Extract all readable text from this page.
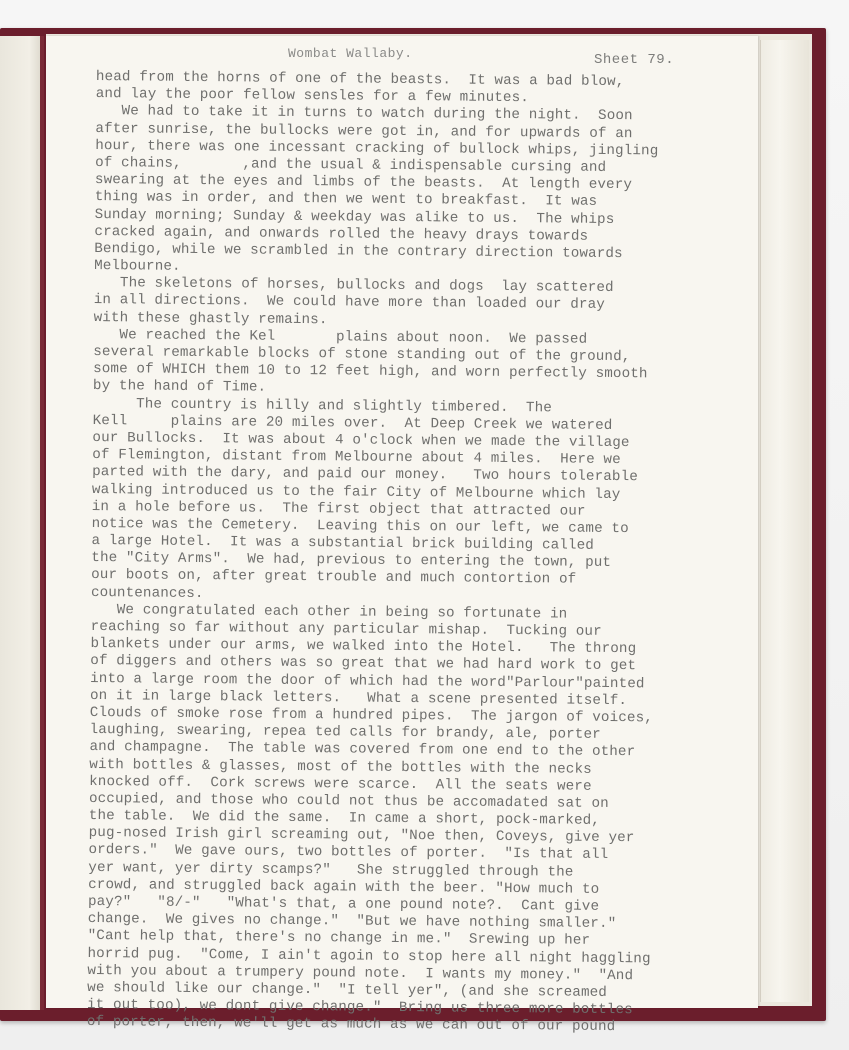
Wombat Wallaby.	Sheet 79.
head from the horns of one of the beasts.  It was a bad blow,
and lay the poor fellow sensles for a few minutes.
We had to take it in turns to watch during the night.  Soon
after sunrise, the bullocks were got in, and for upwards of an
hour, there was one incessant cracking of bullock whips, jingling
of chains,       ,and the usual & indispensable cursing and
swearing at the eyes and limbs of the beasts.  At length every
thing was in order, and then we went to breakfast.  It was
Sunday morning; Sunday & weekday was alike to us.  The whips
cracked again, and onwards rolled the heavy drays towards
Bendigo, while we scrambled in the contrary direction towards
Melbourne.
The skeletons of horses, bullocks and dogs  lay scattered
in all directions.  We could have more than loaded our dray
with these ghastly remains.
We reached the Kel       plains about noon.  We passed
several remarkable blocks of stone standing out of the ground,
some of WHICH them 10 to 12 feet high, and worn perfectly smooth
by the hand of Time.
The country is hilly and slightly timbered.  The
Kell     plains are 20 miles over.  At Deep Creek we watered
our Bullocks.  It was about 4 o'clock when we made the village
of Flemington, distant from Melbourne about 4 miles.  Here we
parted with the dary, and paid our money.   Two hours tolerable
walking introduced us to the fair City of Melbourne which lay
in a hole before us.  The first object that attracted our
notice was the Cemetery.  Leaving this on our left, we came to
a large Hotel.  It was a substantial brick building called
the "City Arms".  We had, previous to entering the town, put
our boots on, after great trouble and much contortion of
countenances.
We congratulated each other in being so fortunate in
reaching so far without any particular mishap.  Tucking our
blankets under our arms, we walked into the Hotel.   The throng
of diggers and others was so great that we had hard work to get
into a large room the door of which had the word"Parlour"painted
on it in large black letters.   What a scene presented itself.
Clouds of smoke rose from a hundred pipes.  The jargon of voices,
laughing, swearing, repea ted calls for brandy, ale, porter
and champagne.  The table was covered from one end to the other
with bottles & glasses, most of the bottles with the necks
knocked off.  Cork screws were scarce.  All the seats were
occupied, and those who could not thus be accomadated sat on
the table.  We did the same.  In came a short, pock-marked,
pug-nosed Irish girl screaming out, "Noe then, Coveys, give yer
orders."  We gave ours, two bottles of porter.  "Is that all
yer want, yer dirty scamps?"   She struggled through the
crowd, and struggled back again with the beer. "How much to
pay?"   "8/-"   "What's that, a one pound note?.  Cant give
change.  We gives no change."  "But we have nothing smaller."
"Cant help that, there's no change in me."  Srewing up her
horrid pug.  "Come, I ain't agoin to stop here all night haggling
with you about a trumpery pound note.  I wants my money."  "And
we should like our change."  "I tell yer", (and she screamed
it out too), we dont give change."  Bring us three more bottles
of porter, then, we'll get as much as we can out of our pound
